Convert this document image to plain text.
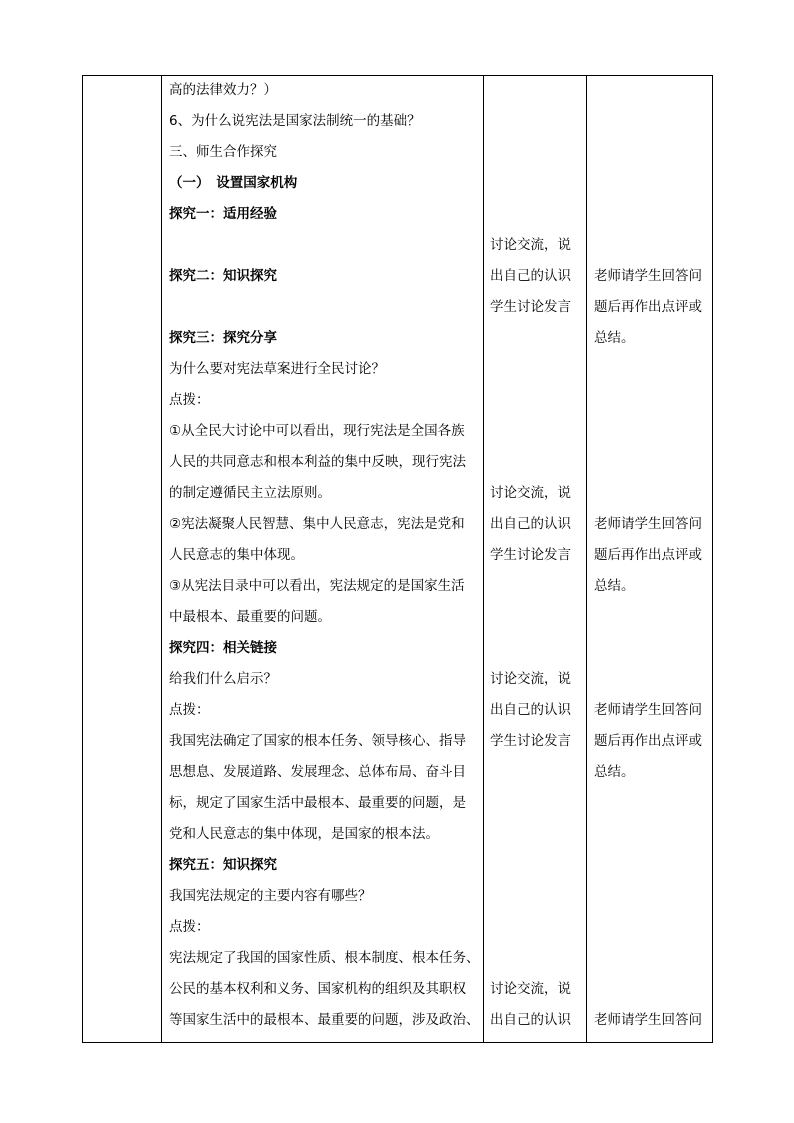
高的法律效力？）
6、为什么说宪法是国家法制统一的基础？
三、师生合作探究
（一）　设置国家机构
探究一：适用经验
探究二：知识探究
探究三：探究分享
为什么要对宪法草案进行全民讨论？
点拨：
①从全民大讨论中可以看出，现行宪法是全国各族
人民的共同意志和根本利益的集中反映，现行宪法
的制定遵循民主立法原则。
②宪法凝聚人民智慧、集中人民意志，宪法是党和
人民意志的集中体现。
③从宪法目录中可以看出，宪法规定的是国家生活
中最根本、最重要的问题。
探究四：相关链接
给我们什么启示？
点拨：
我国宪法确定了国家的根本任务、领导核心、指导
思想息、发展道路、发展理念、总体布局、奋斗目
标，规定了国家生活中最根本、最重要的问题，是
党和人民意志的集中体现，是国家的根本法。
探究五：知识探究
我国宪法规定的主要内容有哪些？
点拨：
宪法规定了我国的国家性质、根本制度、根本任务、
公民的基本权利和义务、国家机构的组织及其职权
等国家生活中的最根本、最重要的问题，涉及政治、
讨论交流，说
出自己的认识
学生讨论发言
讨论交流，说
出自己的认识
学生讨论发言
讨论交流，说
出自己的认识
学生讨论发言
讨论交流，说
出自己的认识
老师请学生回答问
题后再作出点评或
总结。
老师请学生回答问
题后再作出点评或
总结。
老师请学生回答问
题后再作出点评或
总结。
老师请学生回答问
